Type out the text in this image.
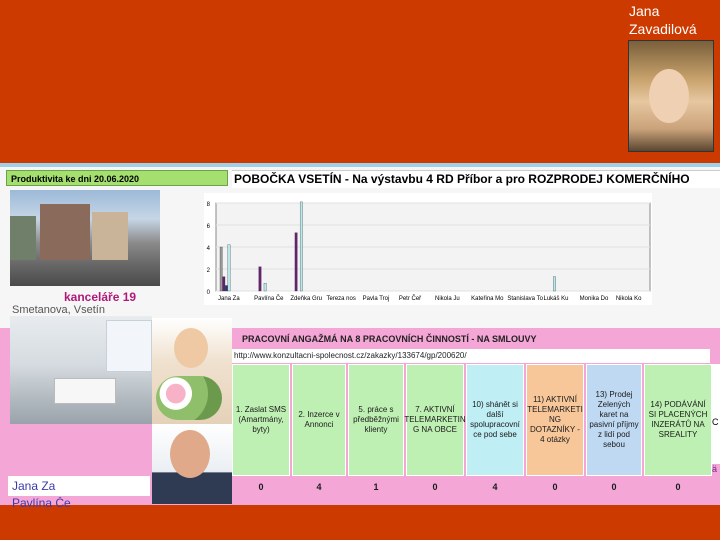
Jana Zavadilová
Produktivita ke dni 20.06.2020	POBOČKA VSETÍN - Na výstavbu 4 RD Příbor a pro ROZPRODEJ KOMERČNÍHO
kanceláře 19
Smetanova, Vsetín
0
2
4
6
8
Jana Za Pavlína Če Zdeňka Gru Tereza nos Pavla Troj Petr Čeř Nikola Ju Kateřina Mo Stanislava To Lukáš Ku Monika Do Nikola Ko
PRACOVNÍ ANGAŽMÁ NA 8 PRACOVNÍCH ČINNOSTÍ - NA SMLOUVY
http://www.konzultacni-spolecnost.cz/zakazky/133674/gp/200620/
1. Zaslat SMS (Amartmány, byty)
2. Inzerce v Annonci
5. práce s předběžnými klienty
7. AKTIVNÍ TELEMARKETIN G NA OBCE
10) shánět si další spolupracovní ce pod sebe
11) AKTIVNÍ TELEMARKETI NG DOTAZNÍKY - 4 otázky
13) Prodej Zelených karet na pasivní příjmy z lidí pod sebou
14) PODÁVÁNÍ SI PLACENÝCH INZERÁTŮ NA SREALITY
0	4	1	0	4	0	0	0
Jana Za
Pavlína Če
C
ä
